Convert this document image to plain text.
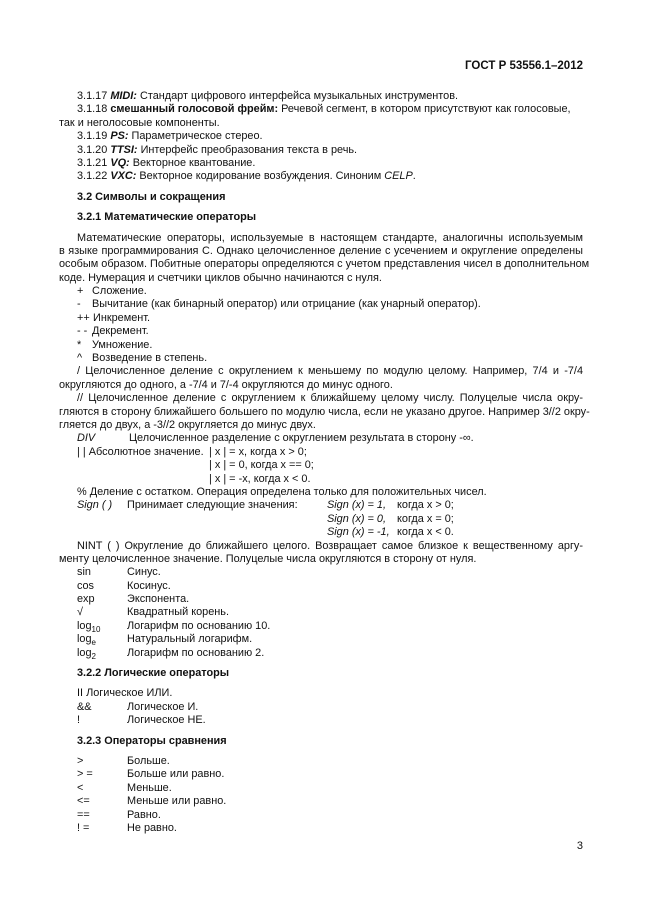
ГОСТ Р 53556.1–2012
3.1.17 MIDI: Стандарт цифрового интерфейса музыкальных инструментов.
3.1.18 смешанный голосовой фрейм: Речевой сегмент, в котором присутствуют как голосовые,
так и неголосовые компоненты.
3.1.19 PS: Параметрическое стерео.
3.1.20 TTSI: Интерфейс преобразования текста в речь.
3.1.21 VQ: Векторное квантование.
3.1.22 VXC: Векторное кодирование возбуждения. Синоним CELP.
3.2 Символы и сокращения
3.2.1 Математические операторы
Математические операторы, используемые в настоящем стандарте, аналогичны используемым
в языке программирования С. Однако целочисленное деление с усечением и округление определены
особым образом. Побитные операторы определяются с учетом представления чисел в дополнительном
коде. Нумерация и счетчики циклов обычно начинаются с нуля.
+ Сложение.
- Вычитание (как бинарный оператор) или отрицание (как унарный оператор).
++ Инкремент.
- - Декремент.
* Умножение.
^ Возведение в степень.
/ Целочисленное деление с округлением к меньшему по модулю целому. Например, 7/4 и -7/4
округляются до одного, а -7/4 и 7/-4 округляются до минус одного.
// Целочисленное деление с округлением к ближайшему целому числу. Полуцелые числа окру-
гляются в сторону ближайшего большего по модулю числа, если не указано другое. Например 3//2 окру-
гляется до двух, а -3//2 округляется до минус двух.
DIV	Целочисленное разделение с округлением результата в сторону -∞.
| | Абсолютное значение. | x | = x, когда x > 0;
| x | = 0, когда x == 0;
| x | = -x, когда x < 0.
% Деление с остатком. Операция определена только для положительных чисел.
Sign ( ) Принимает следующие значения:	Sign (x) = 1, когда x > 0;
Sign (x) = 0, когда x = 0;
Sign (x) = -1, когда x < 0.
NINT ( ) Округление до ближайшего целого. Возвращает самое близкое к вещественному аргу-
менту целочисленное значение. Полуцелые числа округляются в сторону от нуля.
sin	Синус.
cos	Косинус.
exp	Экспонента.
√	Квадратный корень.
$\log_{10}$ Логарифм по основанию 10.
$\log_e$	Натуральный логарифм.
$\log_2$	Логарифм по основанию 2.
3.2.2 Логические операторы
II Логическое ИЛИ.
&&	Логическое И.
!	Логическое НЕ.
3.2.3 Операторы сравнения
>	Больше.
> =	Больше или равно.
<	Меньше.
<=	Меньше или равно.
==	Равно.
! =	Не равно.
3
